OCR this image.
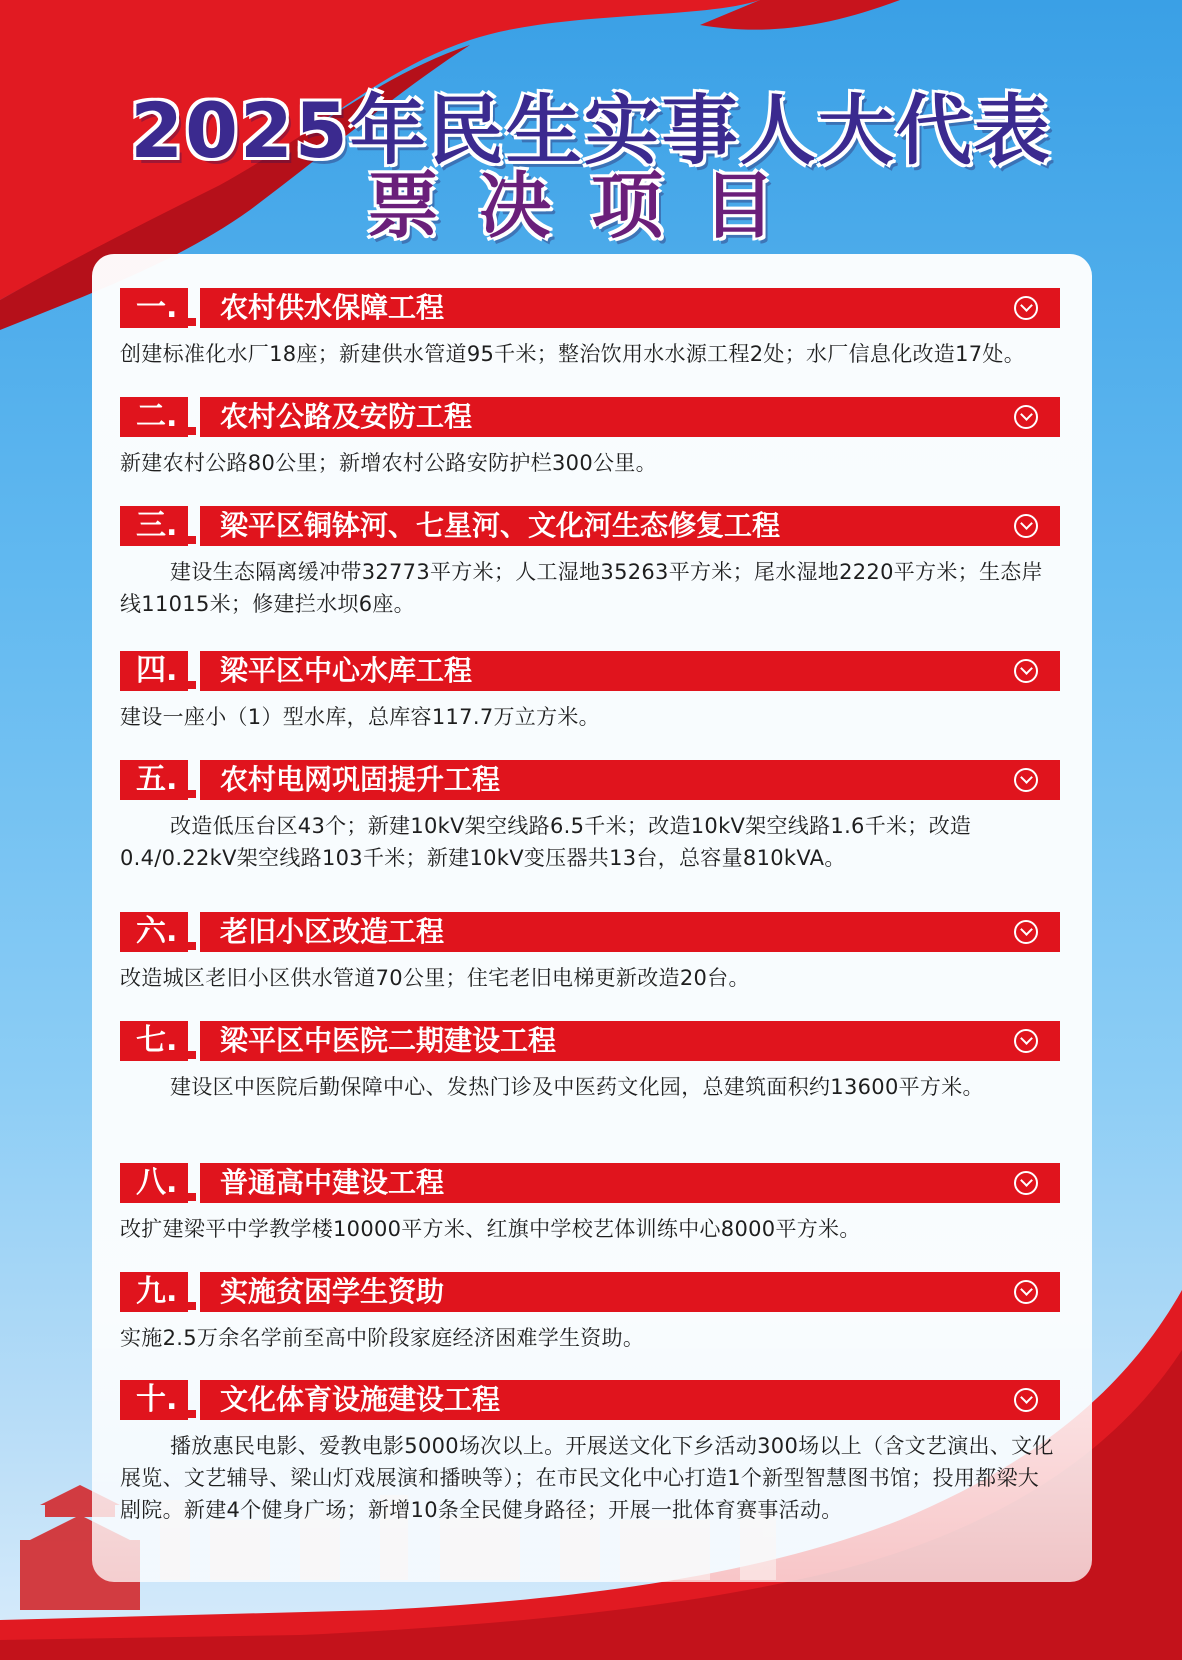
2025年民生实事人大代表
票决项目
一.	农村供水保障工程
创建标准化水厂18座；新建供水管道95千米；整治饮用水水源工程2处；水厂信息化改造17处。
二.	农村公路及安防工程
新建农村公路80公里；新增农村公路安防护栏300公里。
三.	梁平区铜钵河、七星河、文化河生态修复工程
建设生态隔离缓冲带32773平方米；人工湿地35263平方米；尾水湿地2220平方米；生态岸线11015米；修建拦水坝6座。
四.	梁平区中心水库工程
建设一座小（1）型水库，总库容117.7万立方米。
五.	农村电网巩固提升工程
改造低压台区43个；新建10kV架空线路6.5千米；改造10kV架空线路1.6千米；改造0.4/0.22kV架空线路103千米；新建10kV变压器共13台，总容量810kVA。
六.	老旧小区改造工程
改造城区老旧小区供水管道70公里；住宅老旧电梯更新改造20台。
七.	梁平区中医院二期建设工程
建设区中医院后勤保障中心、发热门诊及中医药文化园，总建筑面积约13600平方米。
八.	普通高中建设工程
改扩建梁平中学教学楼10000平方米、红旗中学校艺体训练中心8000平方米。
九.	实施贫困学生资助
实施2.5万余名学前至高中阶段家庭经济困难学生资助。
十.	文化体育设施建设工程
播放惠民电影、爱教电影5000场次以上。开展送文化下乡活动300场以上（含文艺演出、文化展览、文艺辅导、梁山灯戏展演和播映等）；在市民文化中心打造1个新型智慧图书馆；投用都梁大剧院。新建4个健身广场；新增10条全民健身路径；开展一批体育赛事活动。
